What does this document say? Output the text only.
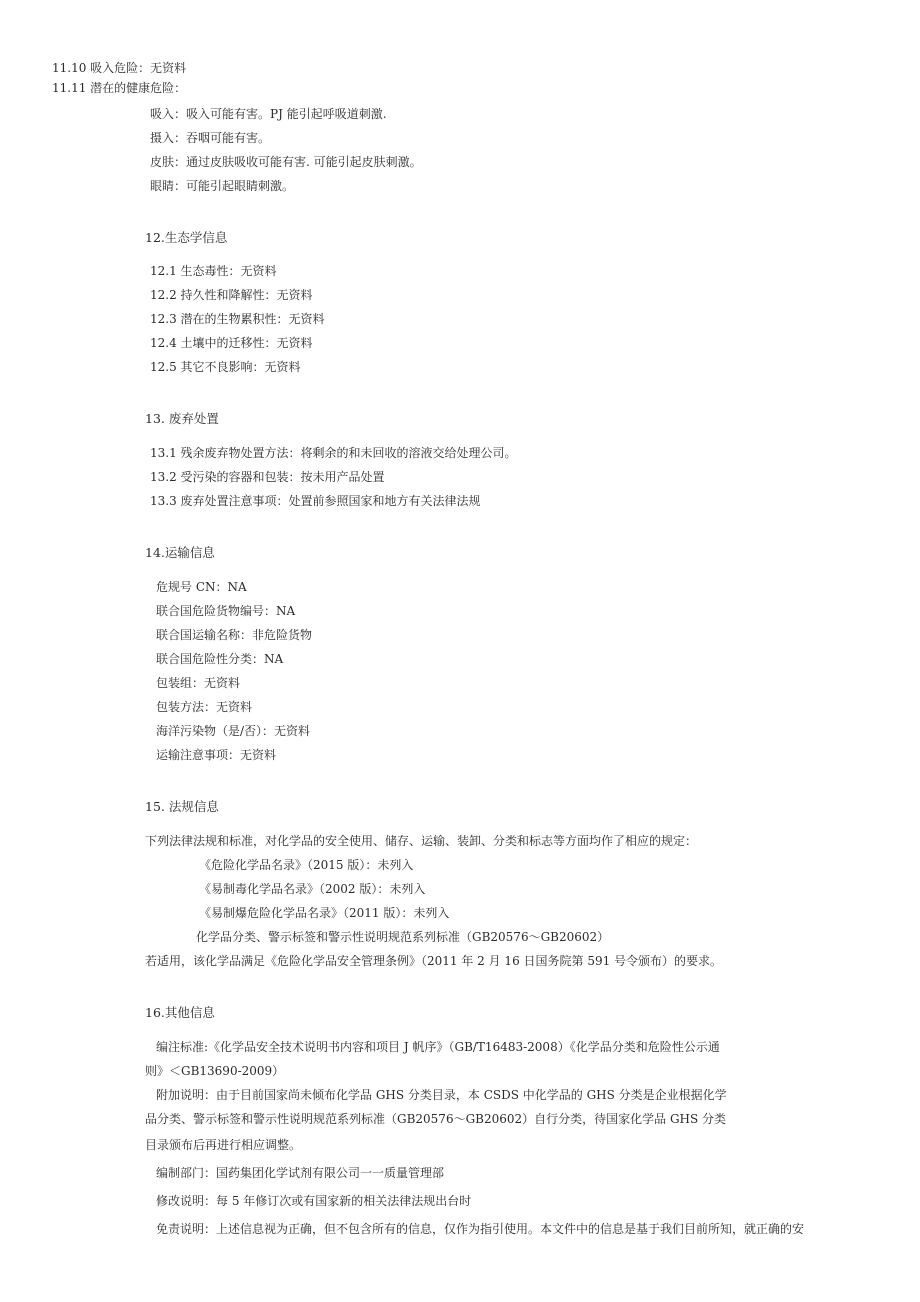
11.10 吸入危险：无资料
11.11 潜在的健康危险：
吸入：吸入可能有害。PJ 能引起呼吸道刺激.
摄入：吞咽可能有害。
皮肤：通过皮肤吸收可能有害. 可能引起皮肤刺激。
眼睛：可能引起眼睛刺激。
12.生态学信息
12.1 生态毒性：无资料
12.2 持久性和降解性：无资料
12.3 潜在的生物累积性：无资料
12.4 土壤中的迁移性：无资料
12.5 其它不良影响：无资料
13. 废弃处置
13.1 残余废弃物处置方法：将剩余的和未回收的溶液交给处理公司。
13.2 受污染的容器和包装：按未用产品处置
13.3 废弃处置注意事项：处置前参照国家和地方有关法律法规
14.运输信息
危规号 CN：NA
联合国危险货物编号：NA
联合国运输名称：非危险货物
联合国危险性分类：NA
包装组：无资料
包装方法：无资料
海洋污染物（是/否）：无资料
运输注意事项：无资料
15. 法规信息
下列法律法规和标准，对化学品的安全使用、储存、运输、装卸、分类和标志等方面均作了相应的规定：
《危险化学品名录》（2015 版）：未列入
《易制毒化学品名录》（2002 版）：未列入
《易制爆危险化学品名录》（2011 版）：未列入
化学品分类、警示标签和警示性说明规范系列标准（GB20576～GB20602）
若适用，该化学品满足《危险化学品安全管理条例》（2011 年 2 月 16 日国务院第 591 号令颁布）的要求。
16.其他信息
编注标准:《化学品安全技术说明书内容和项目 J 帆序》（GB/T16483-2008）《化学品分类和危险性公示通
则》＜GB13690-2009）
附加说明：由于目前国家尚未倾布化学品 GHS 分类目录，本 CSDS 中化学品的 GHS 分类是企业根据化学
品分类、警示标签和警示性说明规范系列标准（GB20576～GB20602）自行分类，待国家化学品 GHS 分类
目录颁布后再进行相应调整。
编制部门：国药集团化学试剂有限公司一一质量管理部
修改说明：每 5 年修订次或有国家新的相关法律法规出台时
免责说明：上述信息视为正确，但不包含所有的信息，仅作为指引使用。本文件中的信息是基于我们目前所知，就正确的安
